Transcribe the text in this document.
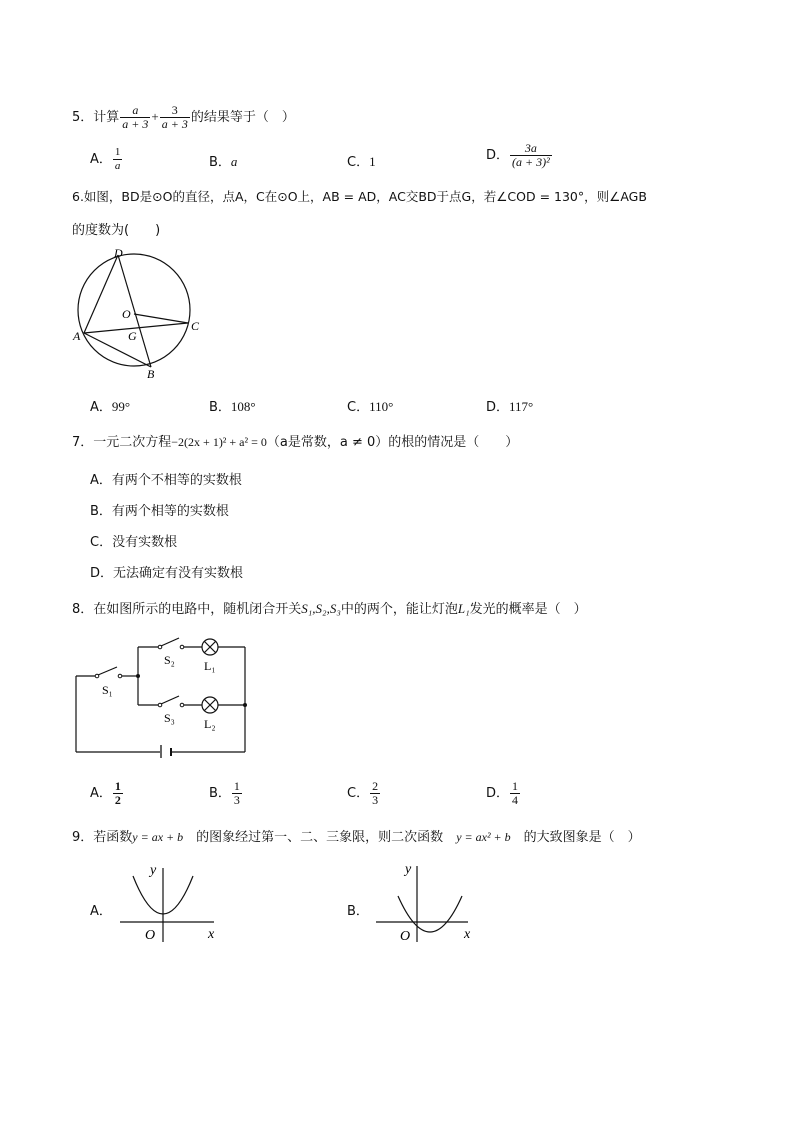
5．计算 $\frac{a}{a + 3} + \frac{3}{a + 3}$ 的结果等于（　）
A． $\frac{1}{a}$	B．a	C．1	D． $\frac{3a}{\text{(a + 3)²}}$
6.如图，BD是⊙O的直径，点A，C在⊙O上，AB = AD，AC交BD于点G，若∠COD = 130°，则∠AGB
的度数为(　　)
D
O
C
A	G
B
A．99°	B．108°	C．110°	D．117°
7．一元二次方程−2(2x + 1)² + a² = 0（a是常数，a ≠ 0）的根的情况是（　　）
A．有两个不相等的实数根
B．有两个相等的实数根
C．没有实数根
D．无法确定有没有实数根
8．在如图所示的电路中，随机闭合开关S₁,S₂,S₃中的两个，能让灯泡L₁发光的概率是（　）
S₁
S₂ L₁
S₃ L₂
A． $\frac{1}{2}$	B． $\frac{1}{3}$	C． $\frac{2}{3}$	D． $\frac{1}{4}$
9．若函数y = ax + b　 的图象经过第一、二、三象限，则二次函数　 y = ax² + b　 的大致图象是（　）
A．
y
x
O
B．
y
x
O
